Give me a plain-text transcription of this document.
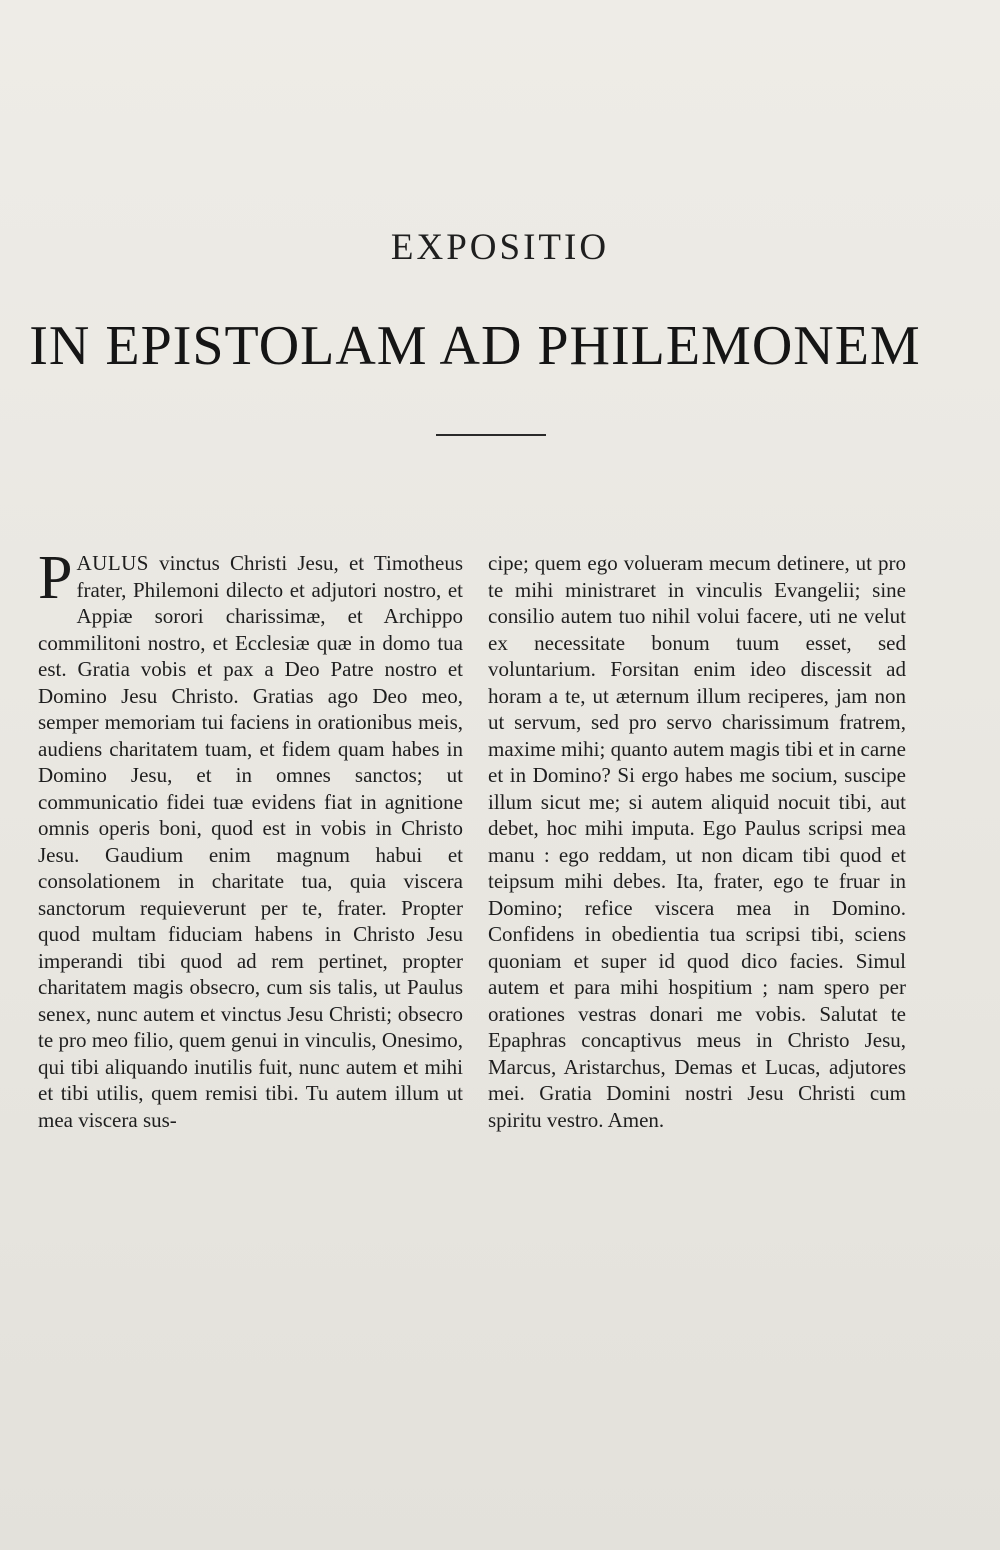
EXPOSITIO
IN EPISTOLAM AD PHILEMONEM
PAULUS vinctus Christi Jesu, et Timotheus frater, Philemoni dilecto et adjutori nostro, et Appiæ sorori charissimæ, et Archippo commilitoni nostro, et Ecclesiæ quæ in domo tua est. Gratia vobis et pax a Deo Patre nostro et Domino Jesu Christo. Gratias ago Deo meo, semper memoriam tui faciens in orationibus meis, audiens charitatem tuam, et fidem quam habes in Domino Jesu, et in omnes sanctos; ut communicatio fidei tuæ evidens fiat in agnitione omnis operis boni, quod est in vobis in Christo Jesu. Gaudium enim magnum habui et consolationem in charitate tua, quia viscera sanctorum requieverunt per te, frater. Propter quod multam fiduciam habens in Christo Jesu imperandi tibi quod ad rem pertinet, propter charitatem magis obsecro, cum sis talis, ut Paulus senex, nunc autem et vinctus Jesu Christi; obsecro te pro meo filio, quem genui in vinculis, Onesimo, qui tibi aliquando inutilis fuit, nunc autem et mihi et tibi utilis, quem remisi tibi. Tu autem illum ut mea viscera sus-
cipe; quem ego volueram mecum detinere, ut pro te mihi ministraret in vinculis Evangelii; sine consilio autem tuo nihil volui facere, uti ne velut ex necessitate bonum tuum esset, sed voluntarium. Forsitan enim ideo discessit ad horam a te, ut æternum illum reciperes, jam non ut servum, sed pro servo charissimum fratrem, maxime mihi; quanto autem magis tibi et in carne et in Domino? Si ergo habes me socium, suscipe illum sicut me; si autem aliquid nocuit tibi, aut debet, hoc mihi imputa. Ego Paulus scripsi mea manu : ego reddam, ut non dicam tibi quod et teipsum mihi debes. Ita, frater, ego te fruar in Domino; refice viscera mea in Domino. Confidens in obedientia tua scripsi tibi, sciens quoniam et super id quod dico facies. Simul autem et para mihi hospitium ; nam spero per orationes vestras donari me vobis. Salutat te Epaphras concaptivus meus in Christo Jesu, Marcus, Aristarchus, Demas et Lucas, adjutores mei. Gratia Domini nostri Jesu Christi cum spiritu vestro. Amen.
